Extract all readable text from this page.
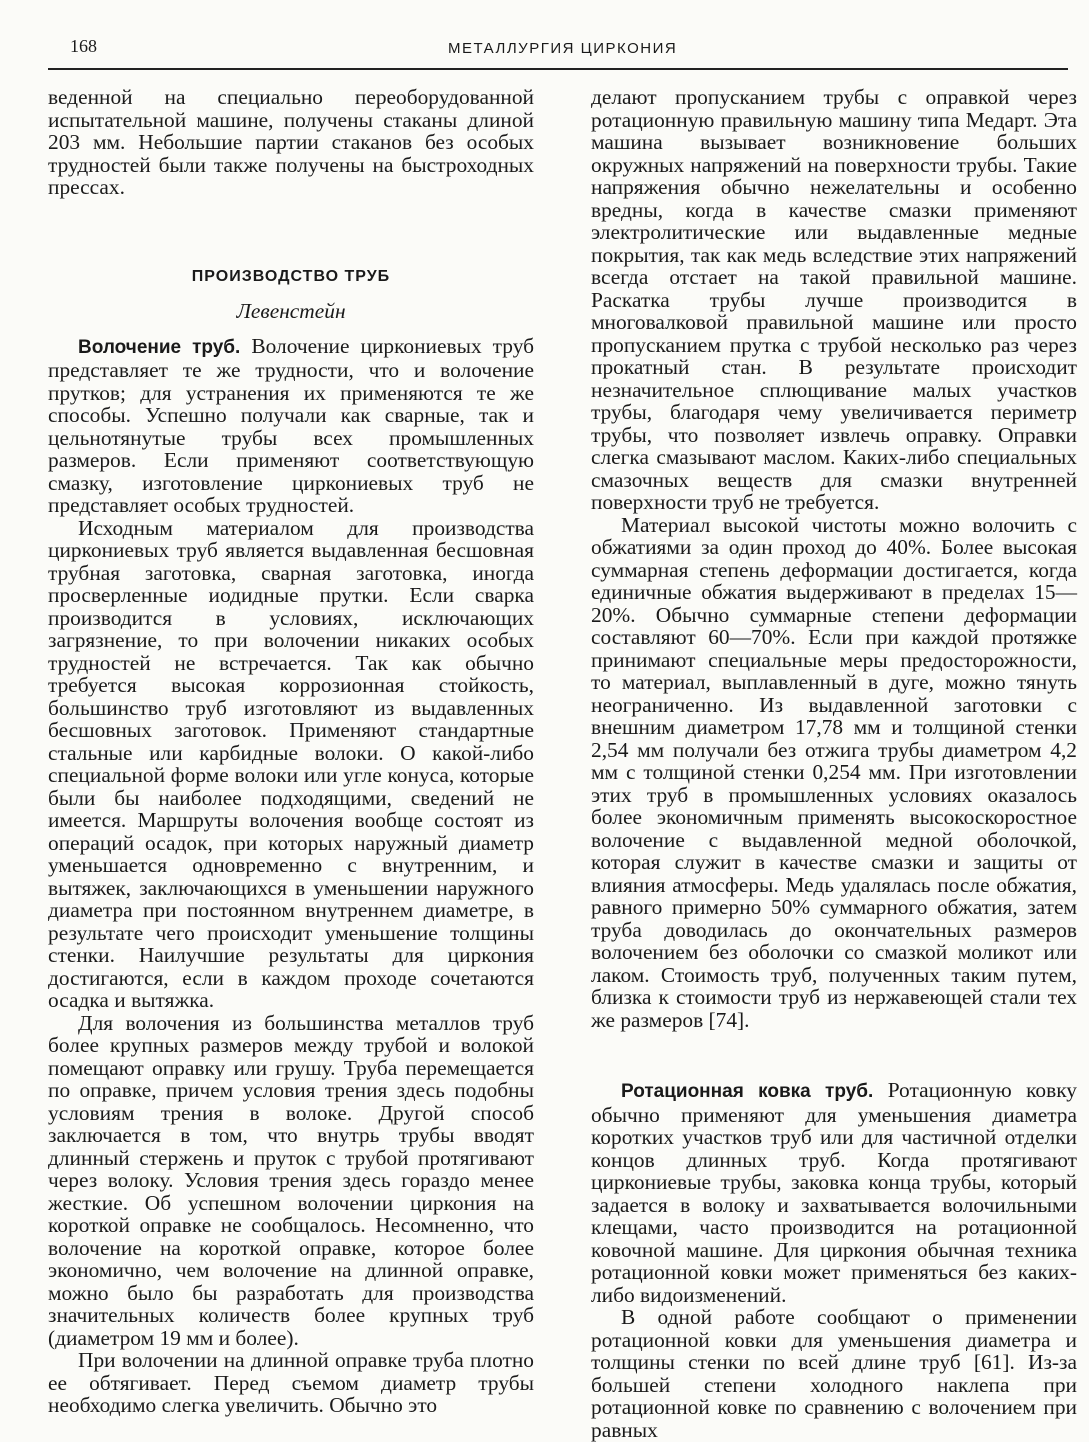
168	МЕТАЛЛУРГИЯ ЦИРКОНИЯ

веденной на специально переоборудованной испытательной машине, получены стаканы длиной 203 мм. Небольшие партии стаканов без особых трудностей были также получены на быстроходных прессах.

ПРОИЗВОДСТВО ТРУБ
Левенстейн

Волочение труб. Волочение циркониевых труб представляет те же трудности, что и волочение прутков; для устранения их применяются те же способы. Успешно получали как сварные, так и цельнотянутые трубы всех промышленных размеров. Если применяют соответствующую смазку, изготовление циркониевых труб не представляет особых трудностей.

Исходным материалом для производства циркониевых труб является выдавленная бесшовная трубная заготовка, сварная заготовка, иногда просверленные иодидные прутки. Если сварка производится в условиях, исключающих загрязнение, то при волочении никаких особых трудностей не встречается. Так как обычно требуется высокая коррозионная стойкость, большинство труб изготовляют из выдавленных бесшовных заготовок. Применяют стандартные стальные или карбидные волоки. О какой-либо специальной форме волоки или угле конуса, которые были бы наиболее подходящими, сведений не имеется. Маршруты волочения вообще состоят из операций осадок, при которых наружный диаметр уменьшается одновременно с внутренним, и вытяжек, заключающихся в уменьшении наружного диаметра при постоянном внутреннем диаметре, в результате чего происходит уменьшение толщины стенки. Наилучшие результаты для циркония достигаются, если в каждом проходе сочетаются осадка и вытяжка.

Для волочения из большинства металлов труб более крупных размеров между трубой и волокой помещают оправку или грушу. Труба перемещается по оправке, причем условия трения здесь подобны условиям трения в волоке. Другой способ заключается в том, что внутрь трубы вводят длинный стержень и пруток с трубой протягивают через волоку. Условия трения здесь гораздо менее жесткие. Об успешном волочении циркония на короткой оправке не сообщалось. Несомненно, что волочение на короткой оправке, которое более экономично, чем волочение на длинной оправке, можно было бы разработать для производства значительных количеств более крупных труб (диаметром 19 мм и более).

При волочении на длинной оправке труба плотно ее обтягивает. Перед съемом диаметр трубы необходимо слегка увеличить. Обычно это

делают пропусканием трубы с оправкой через ротационную правильную машину типа Медарт. Эта машина вызывает возникновение больших окружных напряжений на поверхности трубы. Такие напряжения обычно нежелательны и особенно вредны, когда в качестве смазки применяют электролитические или выдавленные медные покрытия, так как медь вследствие этих напряжений всегда отстает на такой правильной машине. Раскатка трубы лучше производится в многовалковой правильной машине или просто пропусканием прутка с трубой несколько раз через прокатный стан. В результате происходит незначительное сплющивание малых участков трубы, благодаря чему увеличивается периметр трубы, что позволяет извлечь оправку. Оправки слегка смазывают маслом. Каких-либо специальных смазочных веществ для смазки внутренней поверхности труб не требуется.

Материал высокой чистоты можно волочить с обжатиями за один проход до 40%. Более высокая суммарная степень деформации достигается, когда единичные обжатия выдерживают в пределах 15—20%. Обычно суммарные степени деформации составляют 60—70%. Если при каждой протяжке принимают специальные меры предосторожности, то материал, выплавленный в дуге, можно тянуть неограниченно. Из выдавленной заготовки с внешним диаметром 17,78 мм и толщиной стенки 2,54 мм получали без отжига трубы диаметром 4,2 мм с толщиной стенки 0,254 мм. При изготовлении этих труб в промышленных условиях оказалось более экономичным применять высокоскоростное волочение с выдавленной медной оболочкой, которая служит в качестве смазки и защиты от влияния атмосферы. Медь удалялась после обжатия, равного примерно 50% суммарного обжатия, затем труба доводилась до окончательных размеров волочением без оболочки со смазкой моликот или лаком. Стоимость труб, полученных таким путем, близка к стоимости труб из нержавеющей стали тех же размеров [74].

Ротационная ковка труб. Ротационную ковку обычно применяют для уменьшения диаметра коротких участков труб или для частичной отделки концов длинных труб. Когда протягивают циркониевые трубы, заковка конца трубы, который задается в волоку и захватывается волочильными клещами, часто производится на ротационной ковочной машине. Для циркония обычная техника ротационной ковки может применяться без каких-либо видоизменений.

В одной работе сообщают о применении ротационной ковки для уменьшения диаметра и толщины стенки по всей длине труб [61]. Из-за большей степени холодного наклепа при ротационной ковке по сравнению с волочением при равных
